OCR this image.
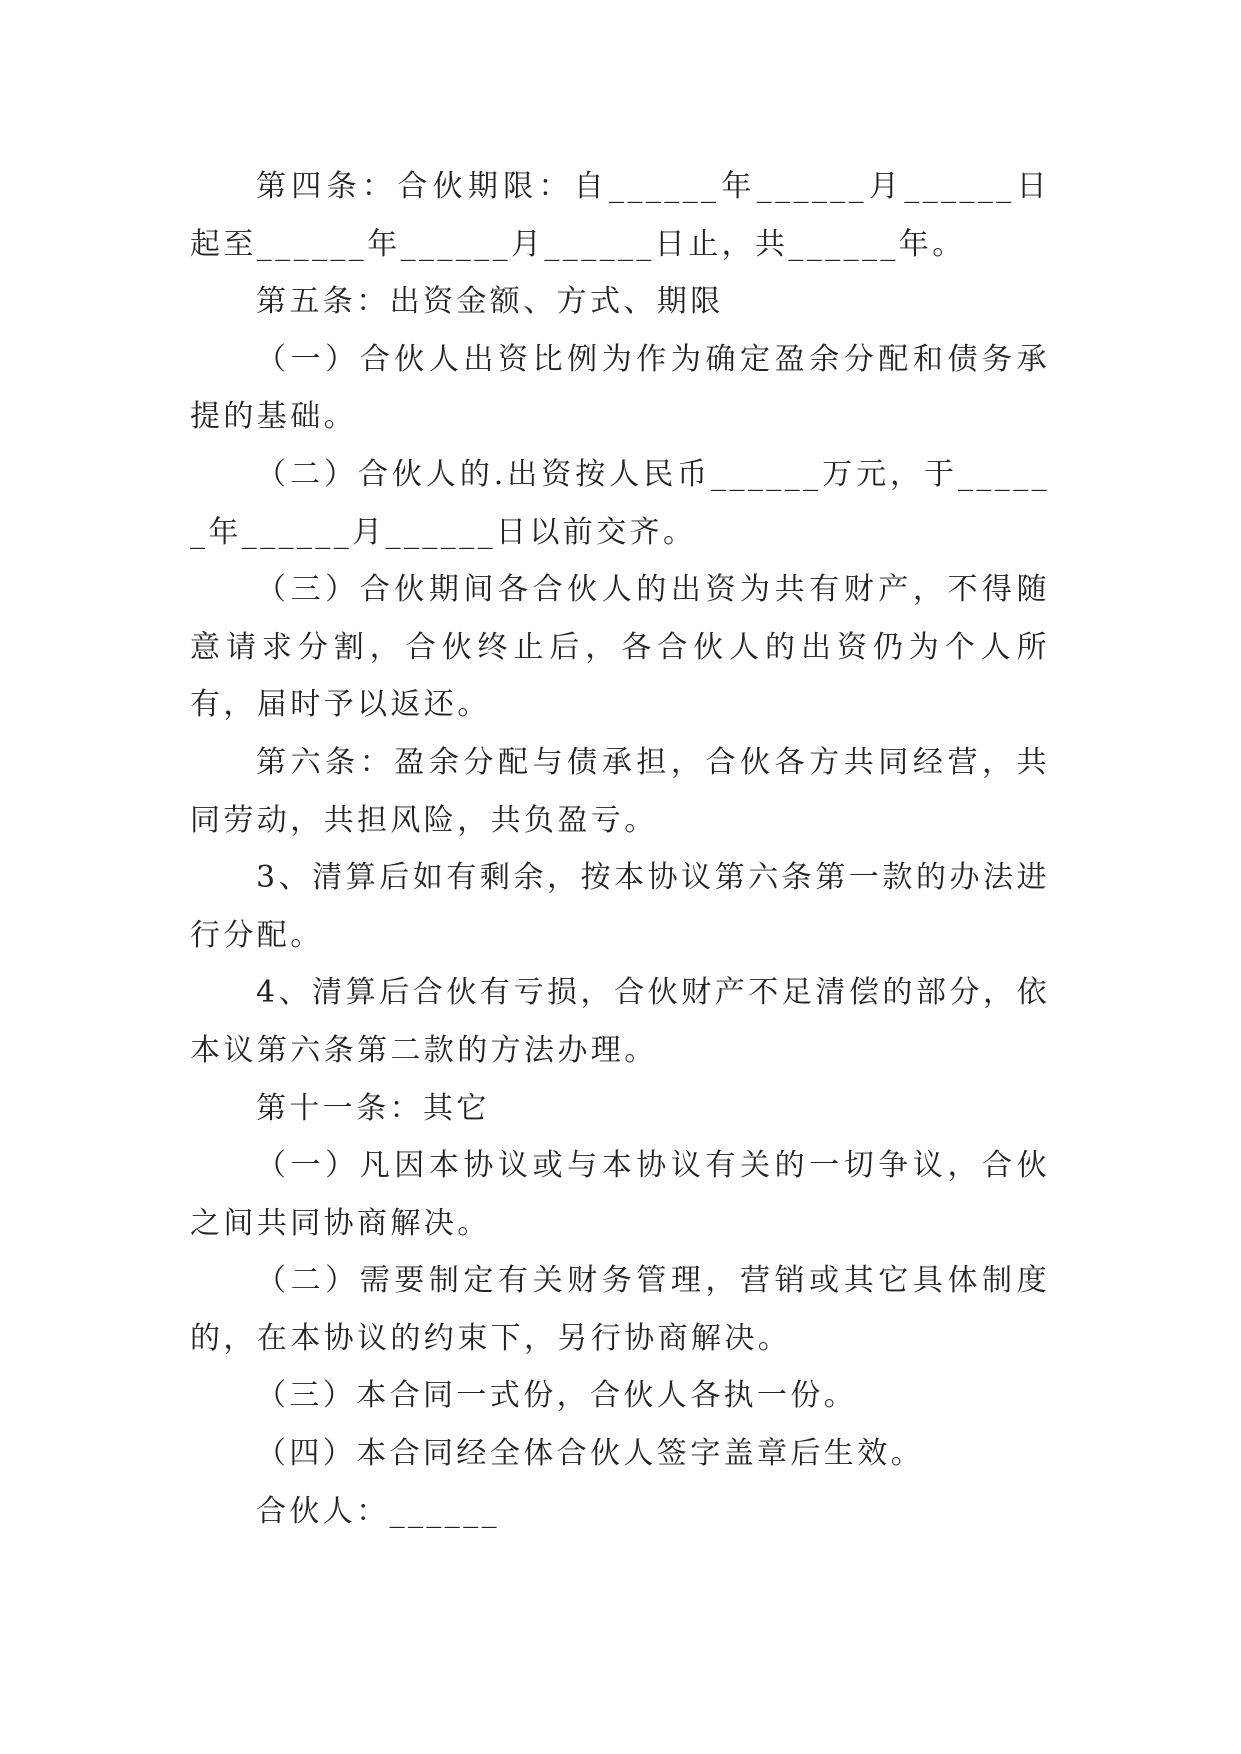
第四条：合伙期限：自______年______月______日起至______年______月______日止，共______年。

第五条：出资金额、方式、期限

（一）合伙人出资比例为作为确定盈余分配和债务承提的基础。

（二）合伙人的.出资按人民币______万元，于______年______月______日以前交齐。

（三）合伙期间各合伙人的出资为共有财产，不得随意请求分割，合伙终止后，各合伙人的出资仍为个人所有，届时予以返还。

第六条：盈余分配与债承担，合伙各方共同经营，共同劳动，共担风险，共负盈亏。

3、清算后如有剩余，按本协议第六条第一款的办法进行分配。

4、清算后合伙有亏损，合伙财产不足清偿的部分，依本议第六条第二款的方法办理。

第十一条：其它

（一）凡因本协议或与本协议有关的一切争议，合伙之间共同协商解决。

（二）需要制定有关财务管理，营销或其它具体制度的，在本协议的约束下，另行协商解决。

（三）本合同一式份，合伙人各执一份。

（四）本合同经全体合伙人签字盖章后生效。

合伙人：______
